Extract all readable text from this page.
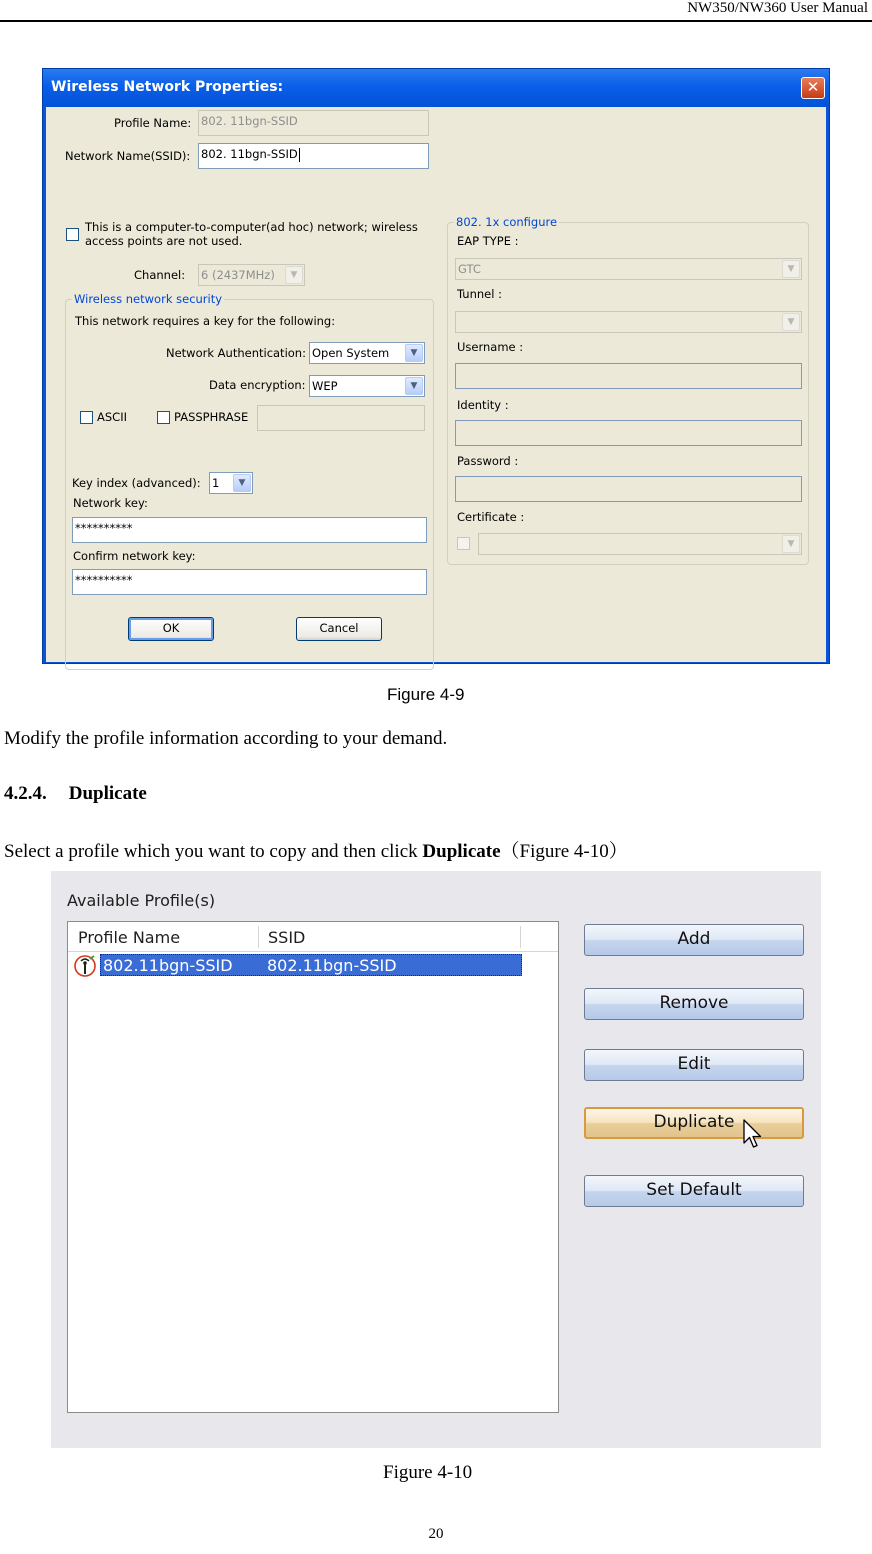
NW350/NW360 User Manual
Wireless Network Properties:	✕
Profile Name: 802. 11bgn-SSID
Network Name(SSID): 802. 11bgn-SSID
This is a computer-to-computer(ad hoc) network; wireless
access points are not used.
Channel: 6 (2437MHz)	▼
Wireless network security
This network requires a key for the following:
Network Authentication: Open System	▼
Data encryption: WEP	▼
ASCII	PASSPHRASE
Key index (advanced): 1	▼
Network key:
**********
Confirm network key:
**********
802. 1x configure
EAP TYPE :
GTC	▼
Tunnel :
▼
Username :
Identity :
Password :
Certificate :
▼
OK	Cancel
Figure 4-9
Modify the profile information according to your demand.
4.2.4. Duplicate
Select a profile which you want to copy and then click Duplicate（Figure 4-10）
Available Profile(s)
Profile Name	SSID
802.11bgn-SSID 802.11bgn-SSID
Add
Remove
Edit
Duplicate
Set Default
Figure 4-10
20
